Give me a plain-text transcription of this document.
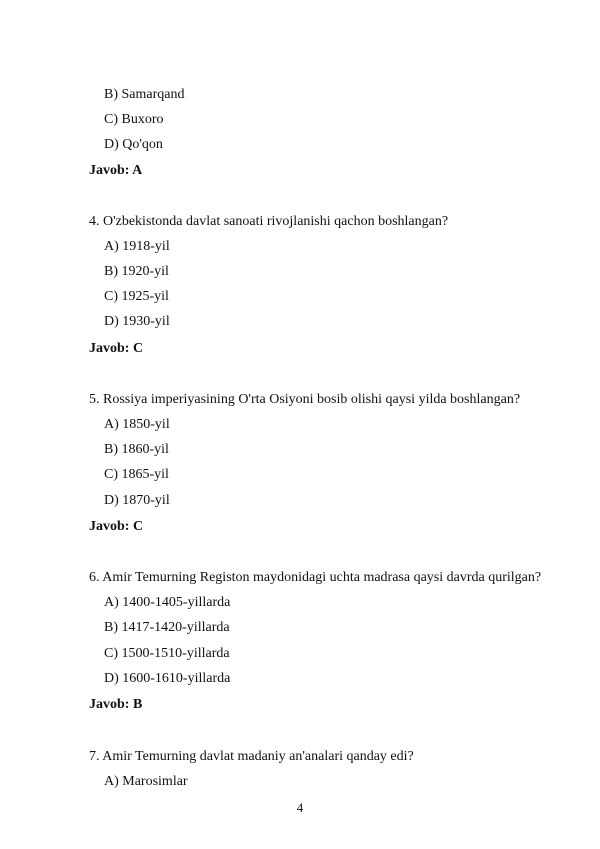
B) Samarqand
C) Buxoro
D) Qo'qon
Javob: A
4. O'zbekistonda davlat sanoati rivojlanishi qachon boshlangan?
A) 1918-yil
B) 1920-yil
C) 1925-yil
D) 1930-yil
Javob: C
5. Rossiya imperiyasining O'rta Osiyoni bosib olishi qaysi yilda boshlangan?
A) 1850-yil
B) 1860-yil
C) 1865-yil
D) 1870-yil
Javob: C
6. Amir Temurning Registon maydonidagi uchta madrasa qaysi davrda qurilgan?
A) 1400-1405-yillarda
B) 1417-1420-yillarda
C) 1500-1510-yillarda
D) 1600-1610-yillarda
Javob: B
7. Amir Temurning davlat madaniy an'analari qanday edi?
A) Marosimlar
4
